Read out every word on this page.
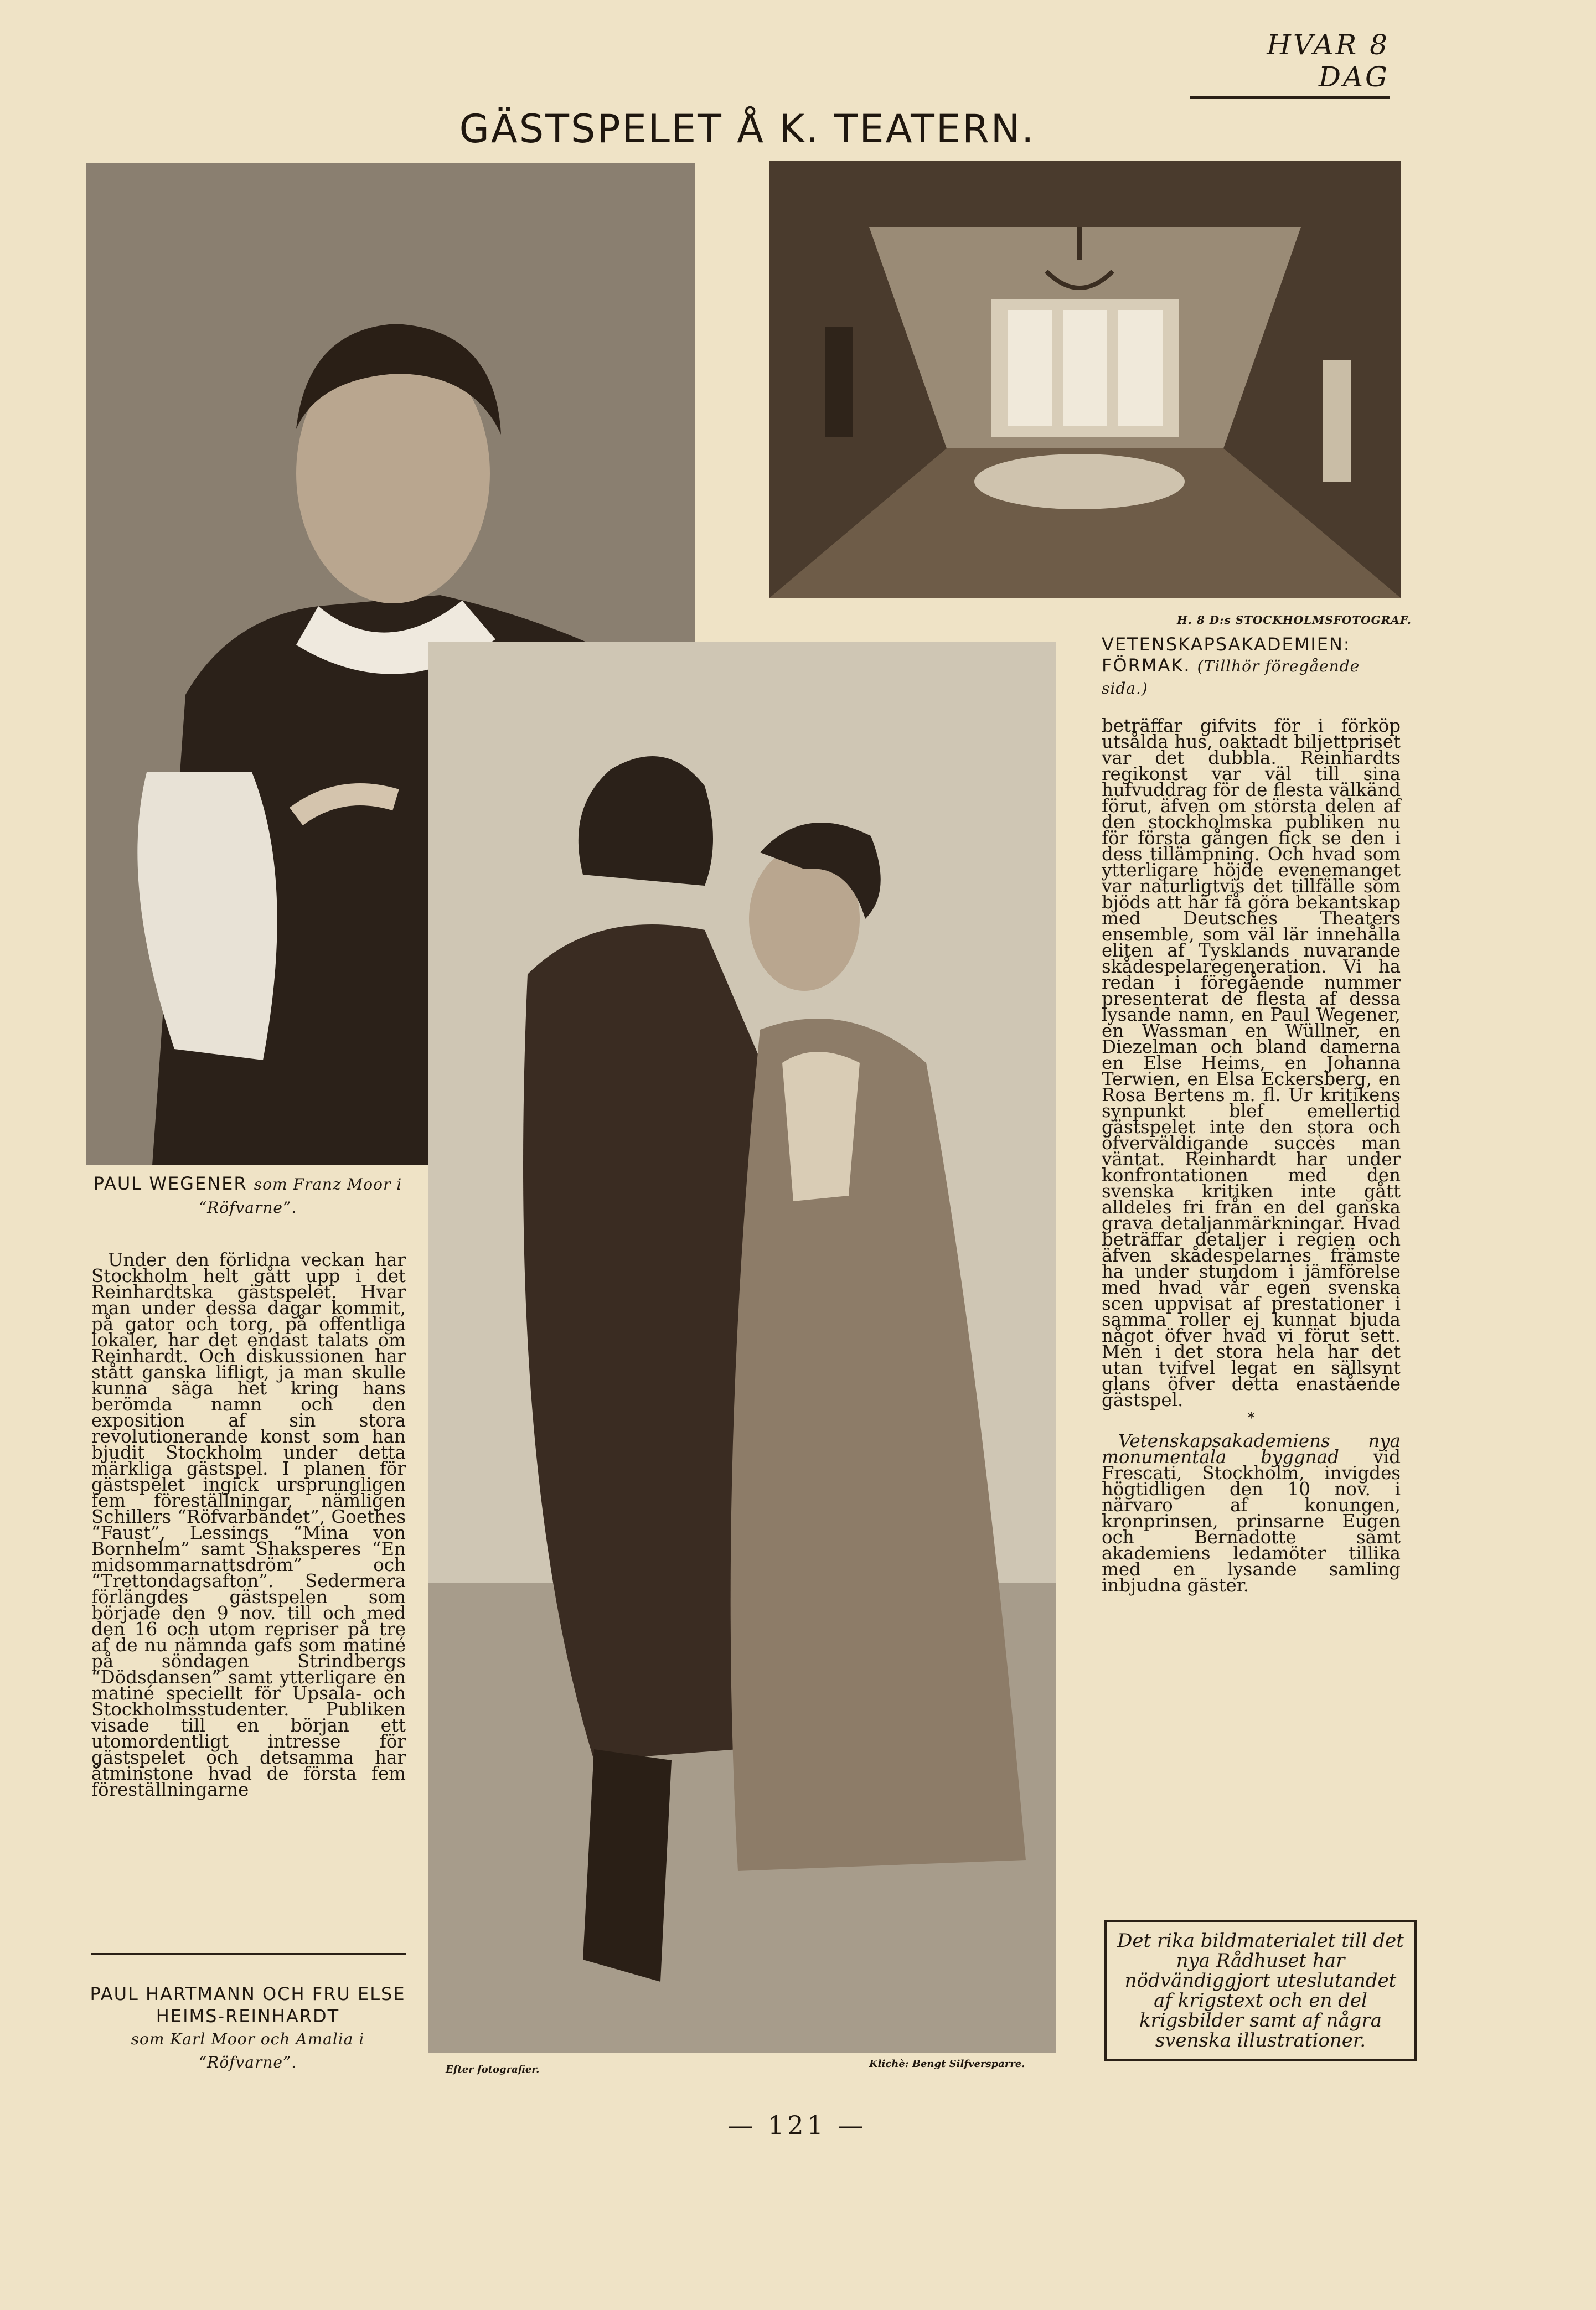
HVAR 8 DAG
GÄSTSPELET Å K. TEATERN.
H. 8 D:s STOCKHOLMSFOTOGRAF.
VETENSKAPSAKADEMIEN: FÖRMAK. (Tillhör föregående sida.)
PAUL WEGENER som Franz Moor i “Röfvarne”.

Under den förlidna veckan har Stockholm helt gått upp i det Reinhardtska gästspelet. Hvar man under dessa dagar kommit, på gator och torg, på offentliga lokaler, har det endast talats om Reinhardt. Och diskussionen har stått ganska lifligt, ja man skulle kunna säga het kring hans berömda namn och den exposition af sin stora revolutionerande konst som han bjudit Stockholm under detta märkliga gästspel. I planen för gästspelet ingick ursprungligen fem föreställningar, nämligen Schillers “Röfvarbandet”, Goethes “Faust”, Lessings “Mina von Bornhelm” samt Shaksperes “En midsommarnattsdröm” och “Trettondagsafton”. Sedermera förlängdes gästspelen som började den 9 nov. till och med den 16 och utom repriser på tre af de nu nämnda gafs som matiné på söndagen Strindbergs “Dödsdansen” samt ytterligare en matiné speciellt för Upsala- och Stockholmsstudenter. Publiken visade till en början ett utomordentligt intresse för gästspelet och detsamma har åtminstone hvad de första fem föreställningarne

PAUL HARTMANN OCH FRU ELSE HEIMS-REINHARDT
som Karl Moor och Amalia i “Röfvarne”.

beträffar gifvits för i förköp utsålda hus, oaktadt biljettpriset var det dubbla. Reinhardts regikonst var väl till sina hufvuddrag för de flesta välkänd förut, äfven om största delen af den stockholmska publiken nu för första gången fick se den i dess tillämpning. Och hvad som ytterligare höjde evenemanget var naturligtvis det tillfälle som bjöds att här få göra bekantskap med Deutsches Theaters ensemble, som väl lär innehålla eliten af Tysklands nuvarande skådespelaregeneration. Vi ha redan i föregående nummer presenterat de flesta af dessa lysande namn, en Paul Wegener, en Wassman en Wüllner, en Diezelman och bland damerna en Else Heims, en Johanna Terwien, en Elsa Eckersberg, en Rosa Bertens m. fl. Ur kritikens synpunkt blef emellertid gästspelet inte den stora och öfverväldigande succès man väntat. Reinhardt har under konfrontationen med den svenska kritiken inte gått alldeles fri från en del ganska grava detaljanmärkningar. Hvad beträffar detaljer i regien och äfven skådespelarnes främste ha under stundom i jämförelse med hvad vår egen svenska scen uppvisat af prestationer i samma roller ej kunnat bjuda något öfver hvad vi förut sett. Men i det stora hela har det utan tvifvel legat en sällsynt glans öfver detta enastående gästspel.

*

Vetenskapsakademiens nya monumentala byggnad vid Frescati, Stockholm, invigdes högtidligen den 10 nov. i närvaro af konungen, kronprinsen, prinsarne Eugen och Bernadotte samt akademiens ledamöter tillika med en lysande samling inbjudna gäster.

Det rika bildmaterialet till det nya Rådhuset har nödvändiggjort uteslutandet af krigstext och en del krigsbilder samt af några svenska illustrationer.
Efter fotografier.	Klichè: Bengt Silfversparre.
— 121 —
